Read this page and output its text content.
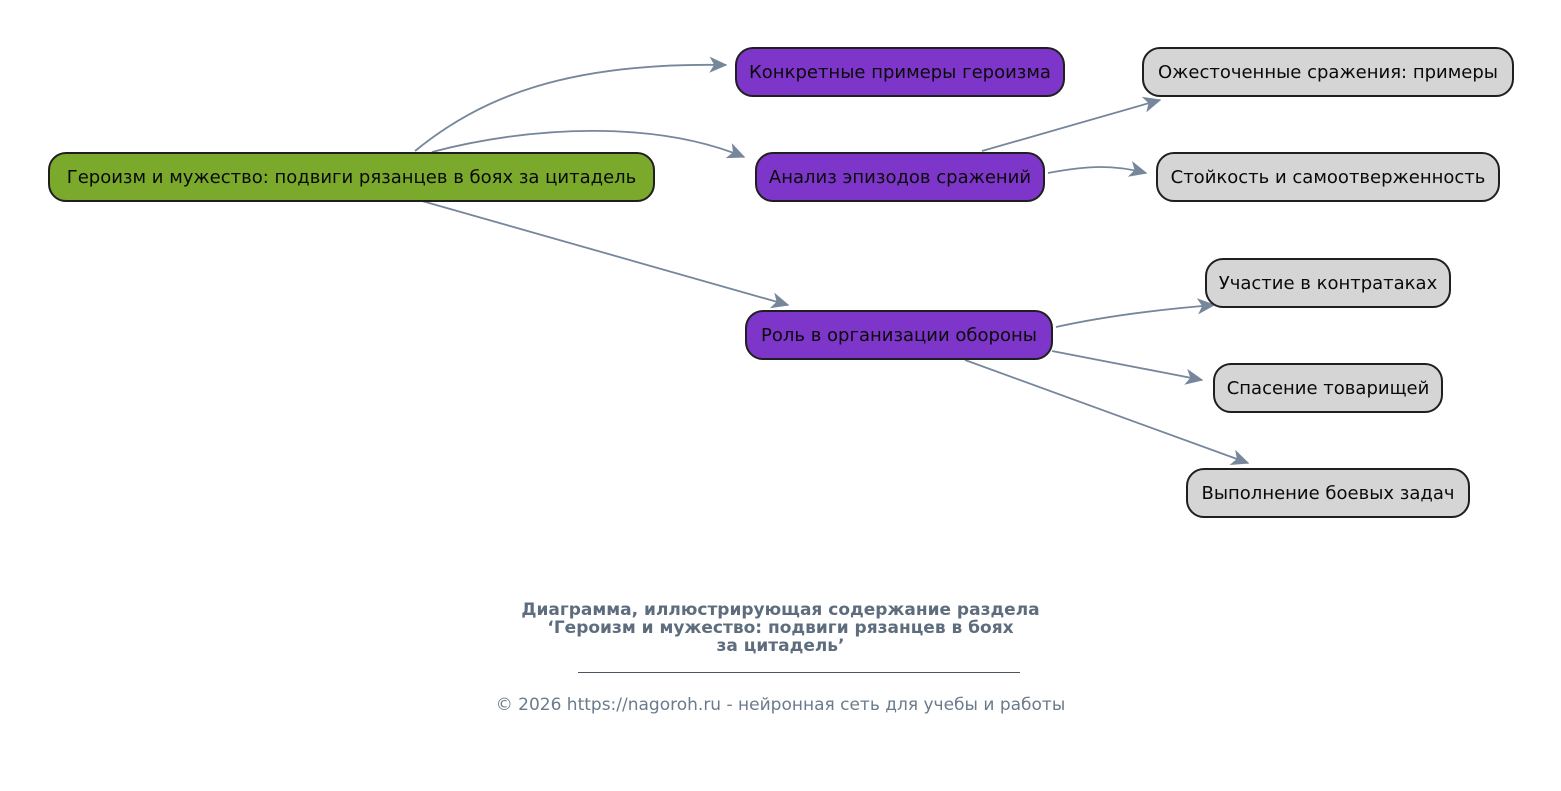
Героизм и мужество: подвиги рязанцев в боях за цитадель
Конкретные примеры героизма
Анализ эпизодов сражений
Роль в организации обороны
Ожесточенные сражения: примеры
Стойкость и самоотверженность
Участие в контратаках
Спасение товарищей
Выполнение боевых задач
Диаграмма, иллюстрирующая содержание раздела
‘Героизм и мужество: подвиги рязанцев в боях
за цитадель’
© 2026 https://nagoroh.ru - нейронная сеть для учебы и работы
